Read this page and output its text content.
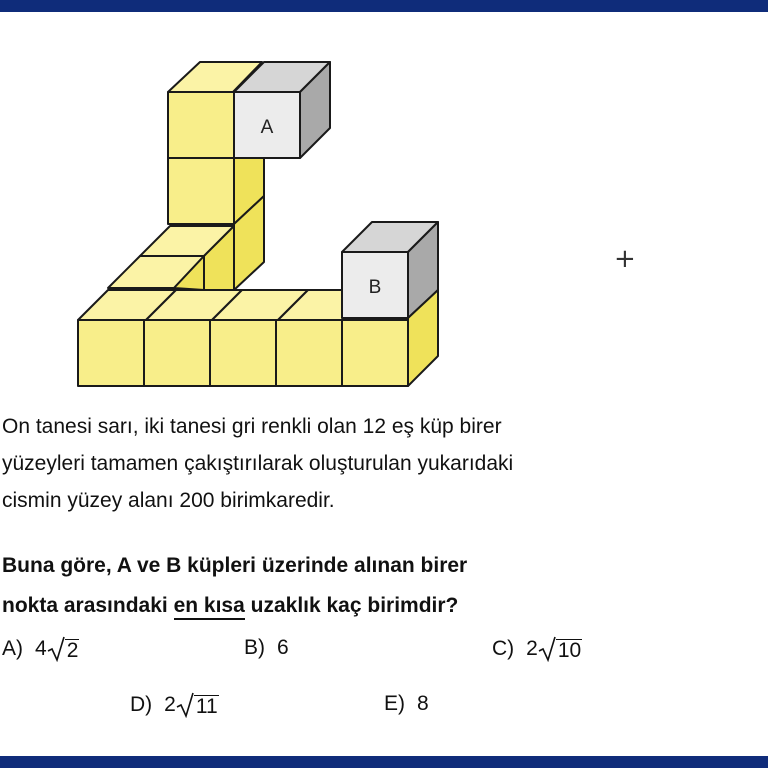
A
B
+

On tanesi sarı, iki tanesi gri renkli olan 12 eş küp birer

yüzeyleri tamamen çakıştırılarak oluşturulan yukarıdaki

cismin yüzey alanı 200 birimkaredir.

Buna göre, A ve B küpleri üzerinde alınan birer

nokta arasındaki en kısa uzaklık kaç birimdir?

A) 4 2	B) 6	C) 2 10
D) 2 11	E) 8
